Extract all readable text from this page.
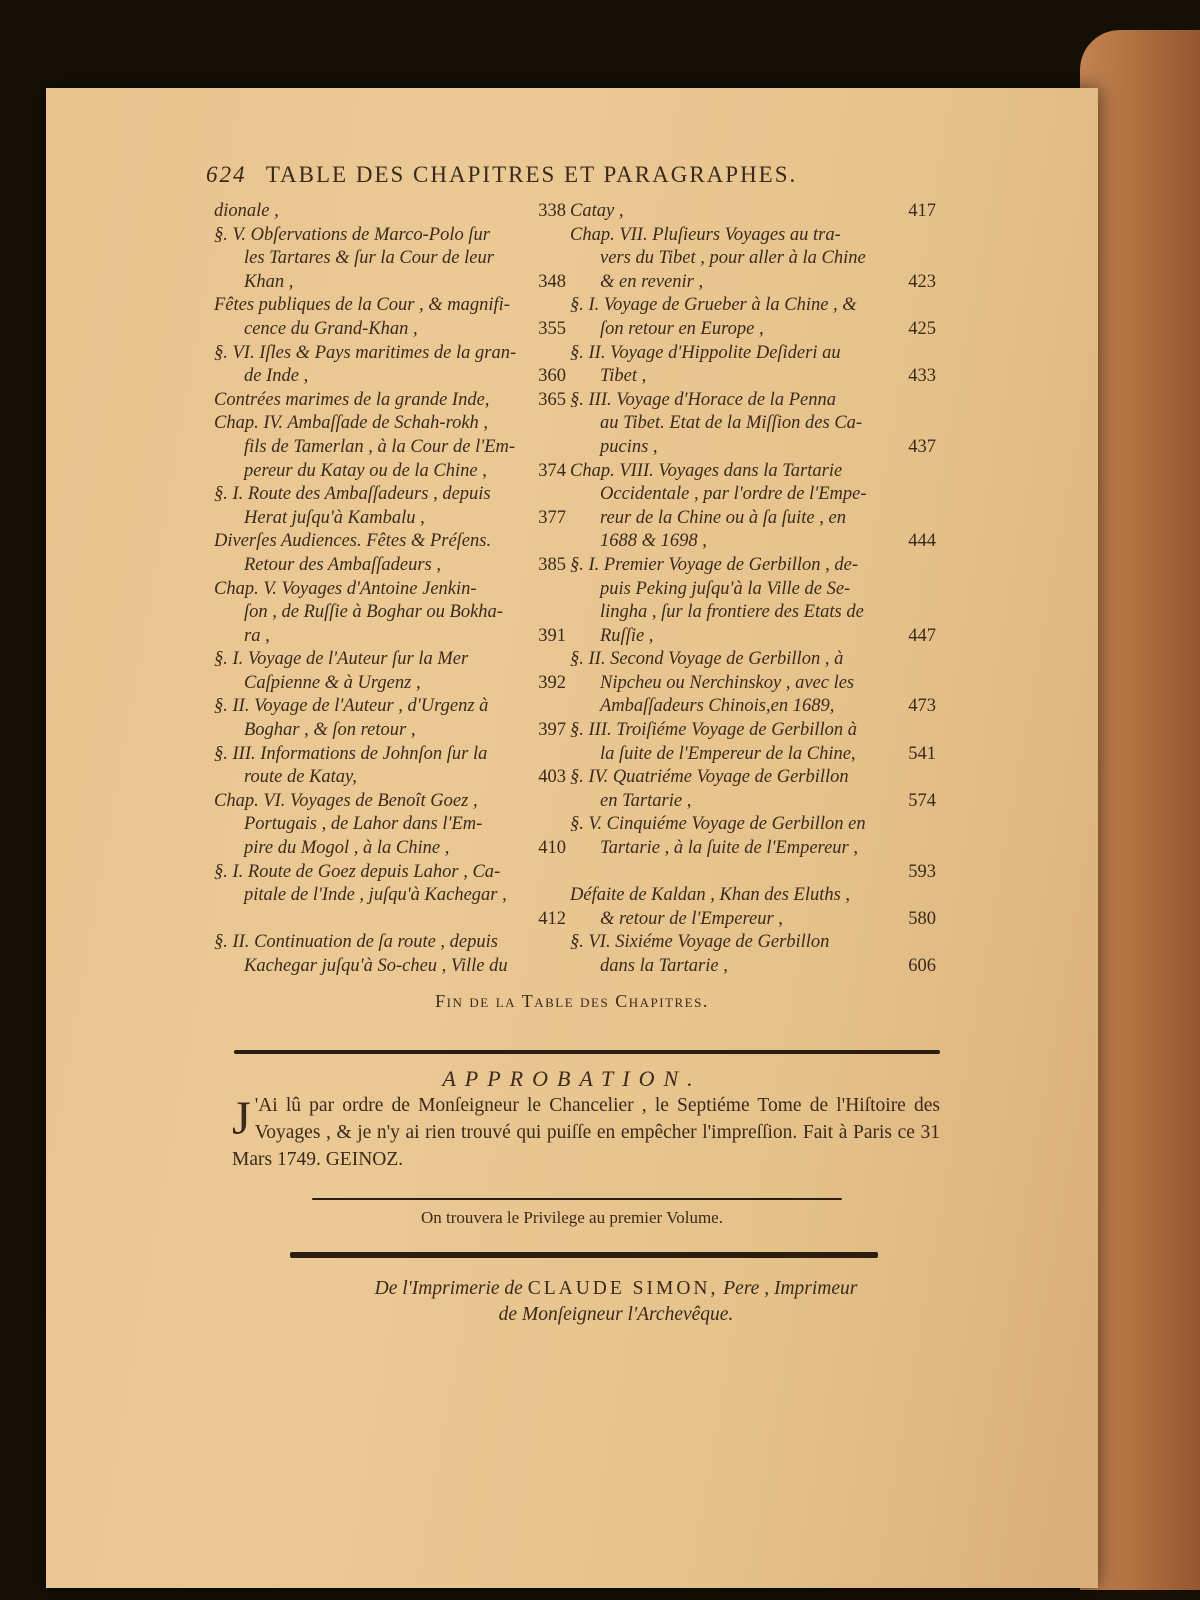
624 TABLE DES CHAPITRES ET PARAGRAPHES.
dionale ,	338
§. V. Obſervations de Marco-Polo ſur
les Tartares & ſur la Cour de leur
Khan ,	348
Fêtes publiques de la Cour , & magnifi-
cence du Grand-Khan ,	355
§. VI. Iſles & Pays maritimes de la gran-
de Inde ,	360
Contrées marimes de la grande Inde,	365
Chap. IV. Ambaſſade de Schah-rokh ,
fils de Tamerlan , à la Cour de l'Em-
pereur du Katay ou de la Chine ,	374
§. I. Route des Ambaſſadeurs , depuis
Herat juſqu'à Kambalu ,	377
Diverſes Audiences. Fêtes & Préſens.
Retour des Ambaſſadeurs ,	385
Chap. V. Voyages d'Antoine Jenkin-
ſon , de Ruſſie à Boghar ou Bokha-
ra ,	391
§. I. Voyage de l'Auteur ſur la Mer
Caſpienne & à Urgenz ,	392
§. II. Voyage de l'Auteur , d'Urgenz à
Boghar , & ſon retour ,	397
§. III. Informations de Johnſon ſur la
route de Katay,	403
Chap. VI. Voyages de Benoît Goez ,
Portugais , de Lahor dans l'Em-
pire du Mogol , à la Chine ,	410
§. I. Route de Goez depuis Lahor , Ca-
pitale de l'Inde , juſqu'à Kachegar ,
412
§. II. Continuation de ſa route , depuis
Kachegar juſqu'à So-cheu , Ville du
Catay ,	417
Chap. VII. Pluſieurs Voyages au tra-
vers du Tibet , pour aller à la Chine
& en revenir ,	423
§. I. Voyage de Grueber à la Chine , &
ſon retour en Europe ,	425
§. II. Voyage d'Hippolite Deſideri au
Tibet ,	433
§. III. Voyage d'Horace de la Penna
au Tibet. Etat de la Miſſion des Ca-
pucins ,	437
Chap. VIII. Voyages dans la Tartarie
Occidentale , par l'ordre de l'Empe-
reur de la Chine ou à ſa ſuite , en
1688 & 1698 ,	444
§. I. Premier Voyage de Gerbillon , de-
puis Peking juſqu'à la Ville de Se-
lingha , ſur la frontiere des Etats de
Ruſſie ,	447
§. II. Second Voyage de Gerbillon , à
Nipcheu ou Nerchinskoy , avec les
Ambaſſadeurs Chinois,en 1689,	473
§. III. Troiſiéme Voyage de Gerbillon à
la ſuite de l'Empereur de la Chine,	541
§. IV. Quatriéme Voyage de Gerbillon
en Tartarie ,	574
§. V. Cinquiéme Voyage de Gerbillon en
Tartarie , à la ſuite de l'Empereur ,
593
Défaite de Kaldan , Khan des Eluths ,
& retour de l'Empereur ,	580
§. VI. Sixiéme Voyage de Gerbillon
dans la Tartarie ,	606
Fin de la Table des Chapitres.
APPROBATION.
J 'Ai lû par ordre de Monſeigneur le Chancelier , le Septiéme Tome de l'Hiſtoire des Voyages , & je n'y ai rien trouvé qui puiſſe en empêcher l'impreſſion. Fait à Paris ce 31 Mars 1749. GEINOZ.
On trouvera le Privilege au premier Volume.
De l'Imprimerie de CLAUDE SIMON, Pere , Imprimeur
de Monſeigneur l'Archevêque.
